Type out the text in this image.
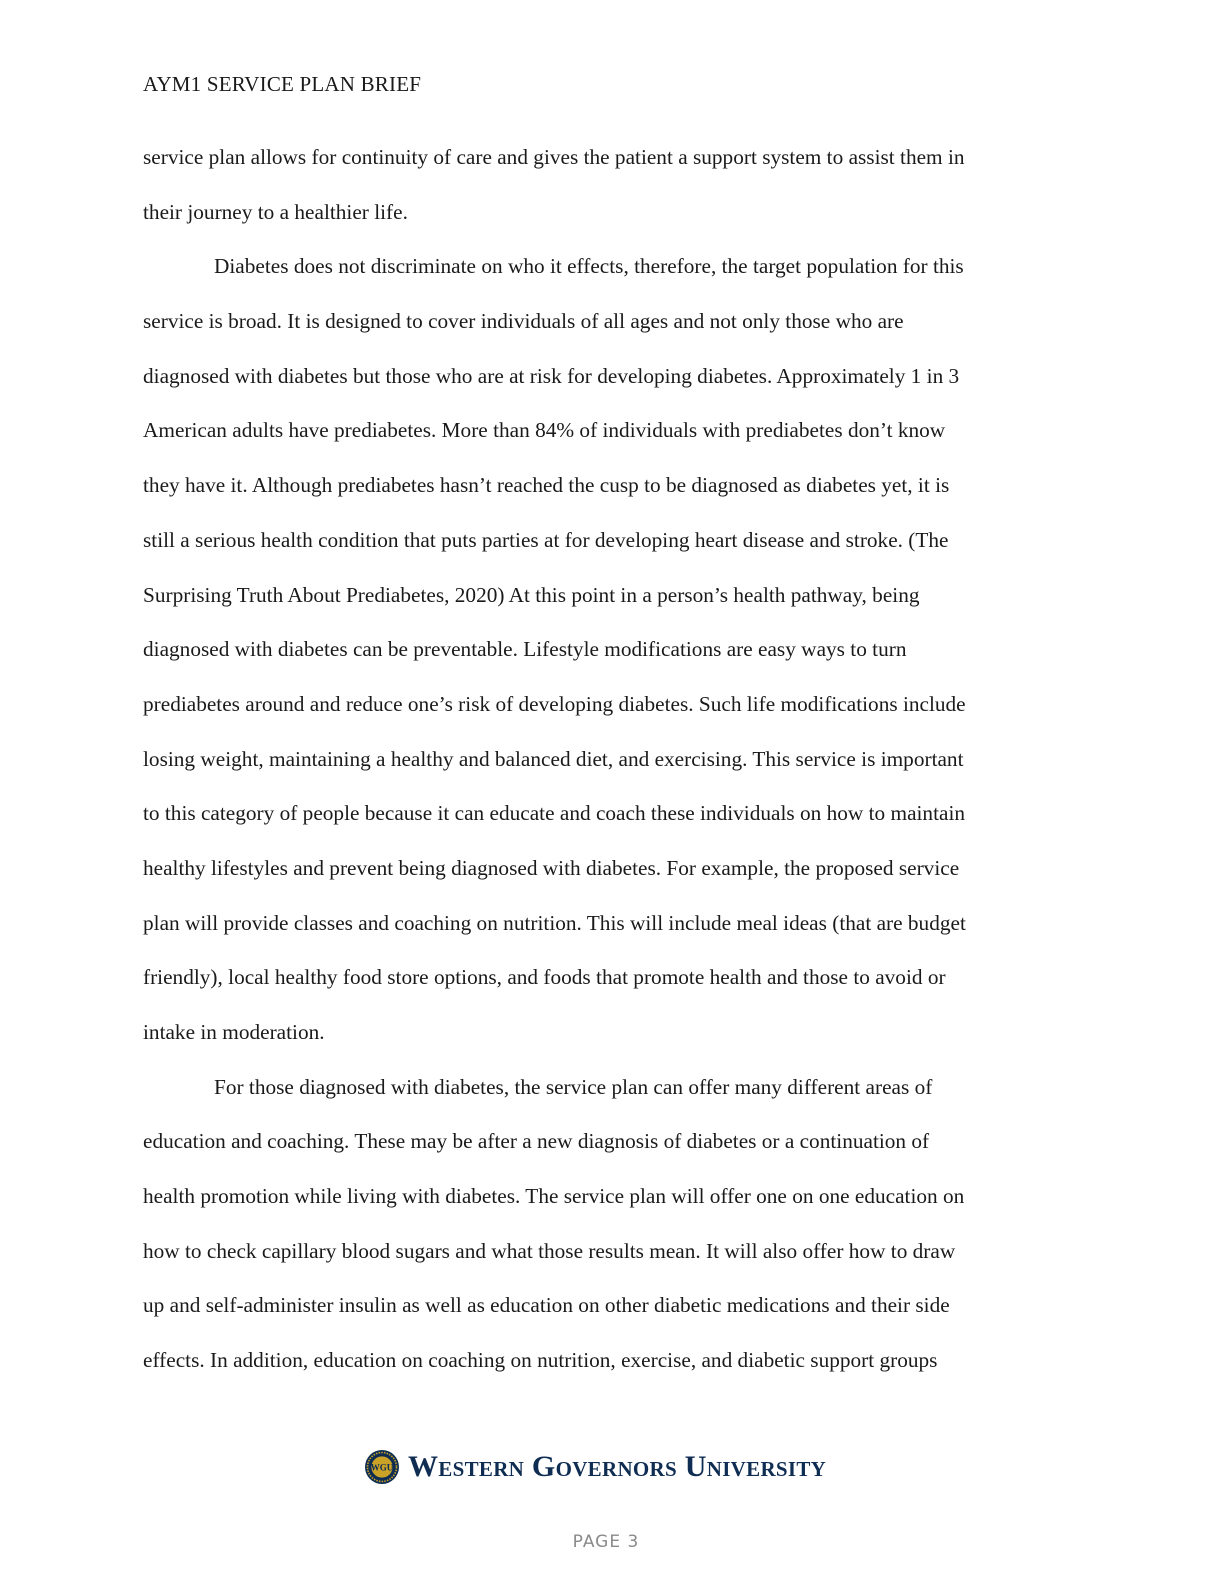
AYM1 SERVICE PLAN BRIEF
service plan allows for continuity of care and gives the patient a support system to assist them in
their journey to a healthier life.
Diabetes does not discriminate on who it effects, therefore, the target population for this
service is broad. It is designed to cover individuals of all ages and not only those who are
diagnosed with diabetes but those who are at risk for developing diabetes. Approximately 1 in 3
American adults have prediabetes. More than 84% of individuals with prediabetes don’t know
they have it. Although prediabetes hasn’t reached the cusp to be diagnosed as diabetes yet, it is
still a serious health condition that puts parties at for developing heart disease and stroke. (The
Surprising Truth About Prediabetes, 2020) At this point in a person’s health pathway, being
diagnosed with diabetes can be preventable. Lifestyle modifications are easy ways to turn
prediabetes around and reduce one’s risk of developing diabetes. Such life modifications include
losing weight, maintaining a healthy and balanced diet, and exercising. This service is important
to this category of people because it can educate and coach these individuals on how to maintain
healthy lifestyles and prevent being diagnosed with diabetes. For example, the proposed service
plan will provide classes and coaching on nutrition. This will include meal ideas (that are budget
friendly), local healthy food store options, and foods that promote health and those to avoid or
intake in moderation.
For those diagnosed with diabetes, the service plan can offer many different areas of
education and coaching. These may be after a new diagnosis of diabetes or a continuation of
health promotion while living with diabetes. The service plan will offer one on one education on
how to check capillary blood sugars and what those results mean. It will also offer how to draw
up and self-administer insulin as well as education on other diabetic medications and their side
effects. In addition, education on coaching on nutrition, exercise, and diabetic support groups
WGU Western Governors University
PAGE 3
